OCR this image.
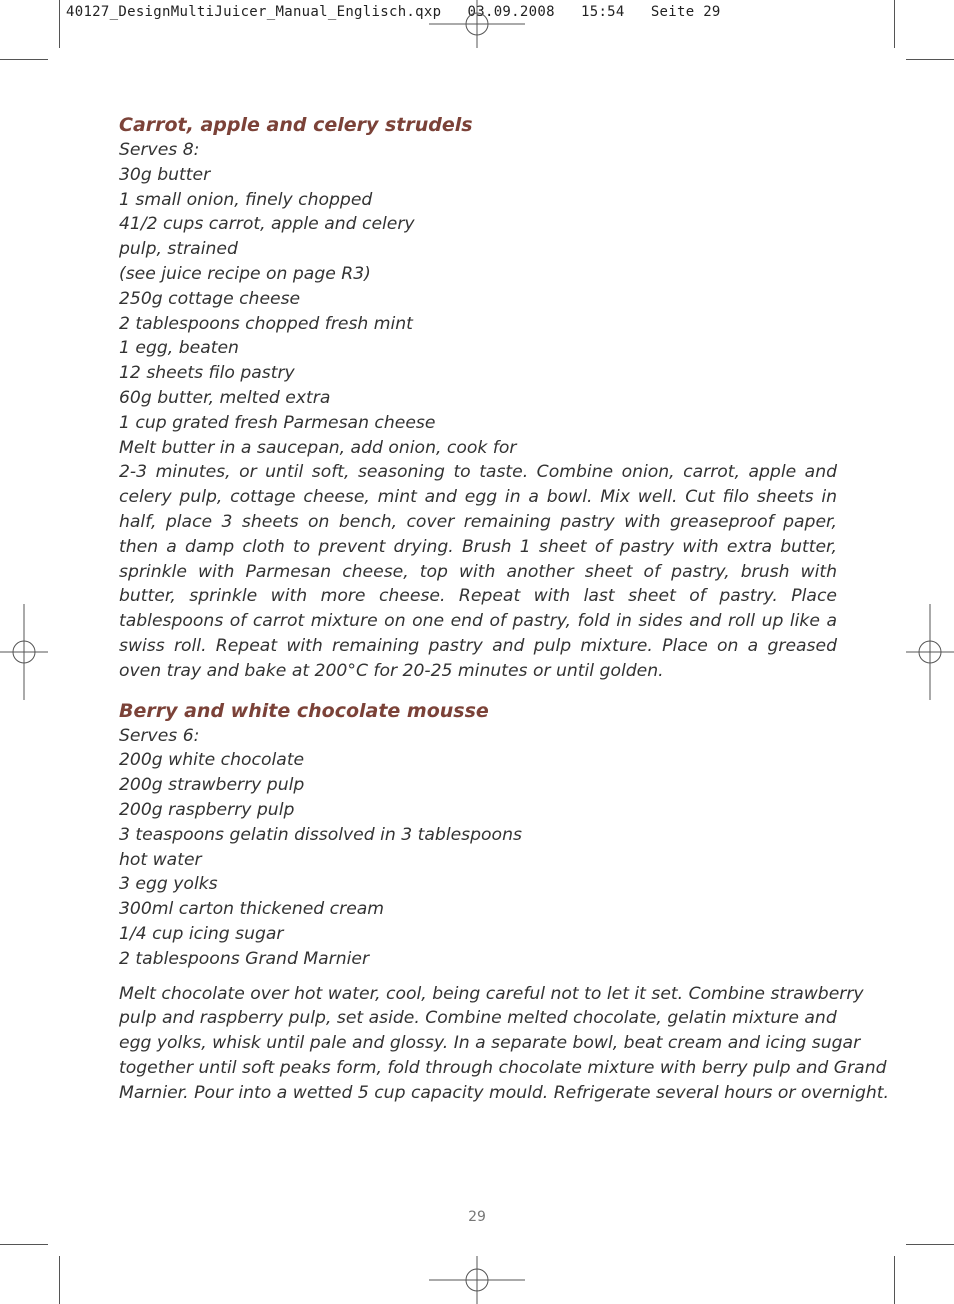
40127_DesignMultiJuicer_Manual_Englisch.qxp   03.09.2008   15:54   Seite 29
Carrot, apple and celery strudels
Serves 8:
30g butter
1 small onion, finely chopped
41/2 cups carrot, apple and celery
pulp, strained
(see juice recipe on page R3)
250g cottage cheese
2 tablespoons chopped fresh mint
1 egg, beaten
12 sheets filo pastry
60g butter, melted extra
1 cup grated fresh Parmesan cheese
Melt butter in a saucepan, add onion, cook for

2-3 minutes, or until soft, seasoning to taste. Combine onion, carrot, apple and celery pulp, cottage cheese, mint and egg in a bowl. Mix well. Cut filo sheets in half, place 3 sheets on bench, cover remaining pastry with greaseproof paper, then a damp cloth to prevent drying. Brush 1 sheet of pastry with extra butter, sprinkle with Parmesan cheese, top with another sheet of pastry, brush with butter, sprinkle with more cheese. Repeat with last sheet of pastry. Place tablespoons of carrot mixture on one end of pastry, fold in sides and roll up like a swiss roll. Repeat with remaining pastry and pulp mixture. Place on a greased oven tray and bake at 200°C for 20-25 minutes or until golden.

Berry and white chocolate mousse
Serves 6:
200g white chocolate
200g strawberry pulp
200g raspberry pulp
3 teaspoons gelatin dissolved in 3 tablespoons
hot water
3 egg yolks
300ml carton thickened cream
1/4 cup icing sugar
2 tablespoons Grand Marnier
Melt chocolate over hot water, cool, being careful not to let it set. Combine strawberry
pulp and raspberry pulp, set aside. Combine melted chocolate, gelatin mixture and
egg yolks, whisk until pale and glossy. In a separate bowl, beat cream and icing sugar
together until soft peaks form, fold through chocolate mixture with berry pulp and Grand
Marnier. Pour into a wetted 5 cup capacity mould. Refrigerate several hours or overnight.
29
